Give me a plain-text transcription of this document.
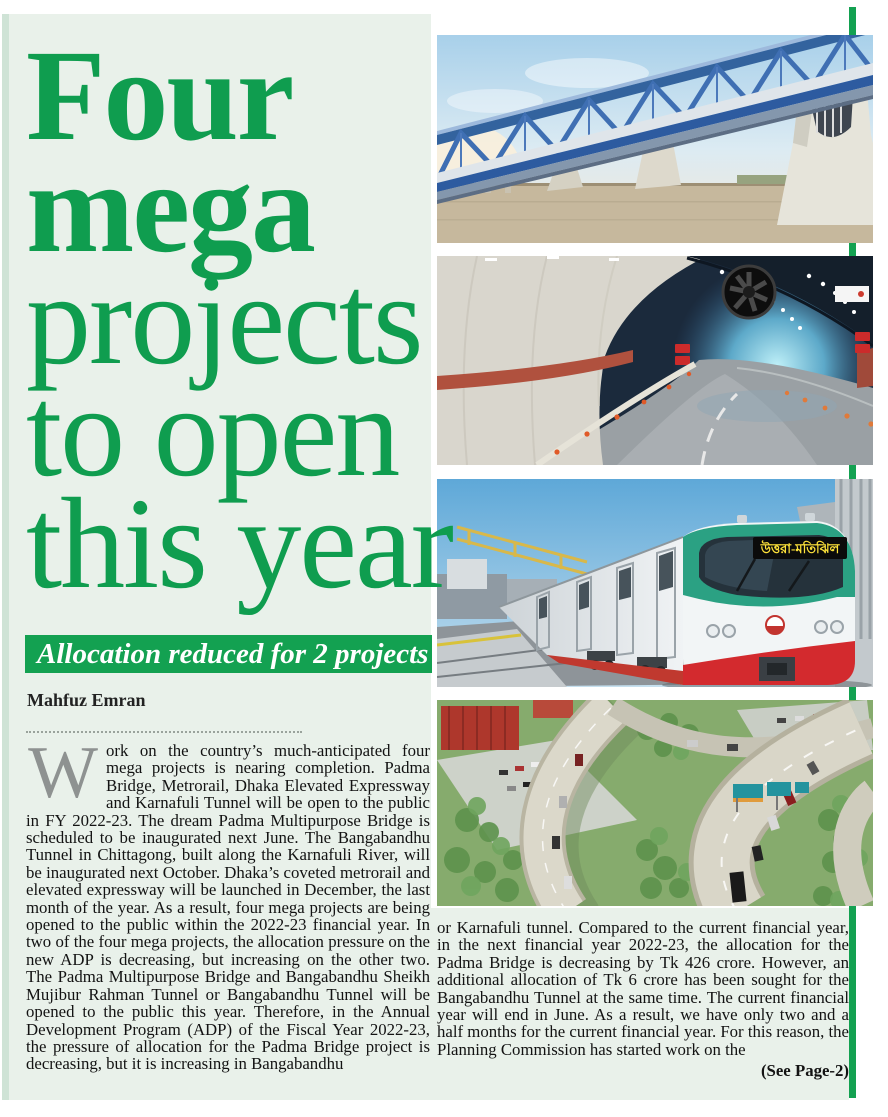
উত্তরা-মতিঝিল
Four
mega
projects
to open
this year
Allocation reduced for 2 projects
Mahfuz Emran

Work on the country’s much-anticipated four mega projects is nearing completion. Padma Bridge, Metrorail, Dhaka Elevated Expressway and Karnafuli Tunnel will be open to the public in FY 2022-23. The dream Padma Multipurpose Bridge is scheduled to be inaugurated next June. The Bangabandhu Tunnel in Chittagong, built along the Karnafuli River, will be inaugurated next October. Dhaka’s coveted metrorail and elevated expressway will be launched in December, the last month of the year. As a result, four mega projects are being opened to the public within the 2022-23 financial year. In two of the four mega projects, the allocation pressure on the new ADP is decreasing, but increasing on the other two. The Padma Multipurpose Bridge and Bangabandhu Sheikh Mujibur Rahman Tunnel or Bangabandhu Tunnel will be opened to the public this year. Therefore, in the Annual Development Program (ADP) of the Fiscal Year 2022-23, the pressure of allocation for the Padma Bridge project is decreasing, but it is increasing in Bangabandhu

or Karnafuli tunnel. Compared to the current financial year, in the next financial year 2022-23, the allocation for the Padma Bridge is decreasing by Tk 426 crore. However, an additional allocation of Tk 6 crore has been sought for the Bangabandhu Tunnel at the same time. The current financial year will end in June. As a result, we have only two and a half months for the current financial year. For this reason, the Planning Commission has started work on the

(See Page-2)
